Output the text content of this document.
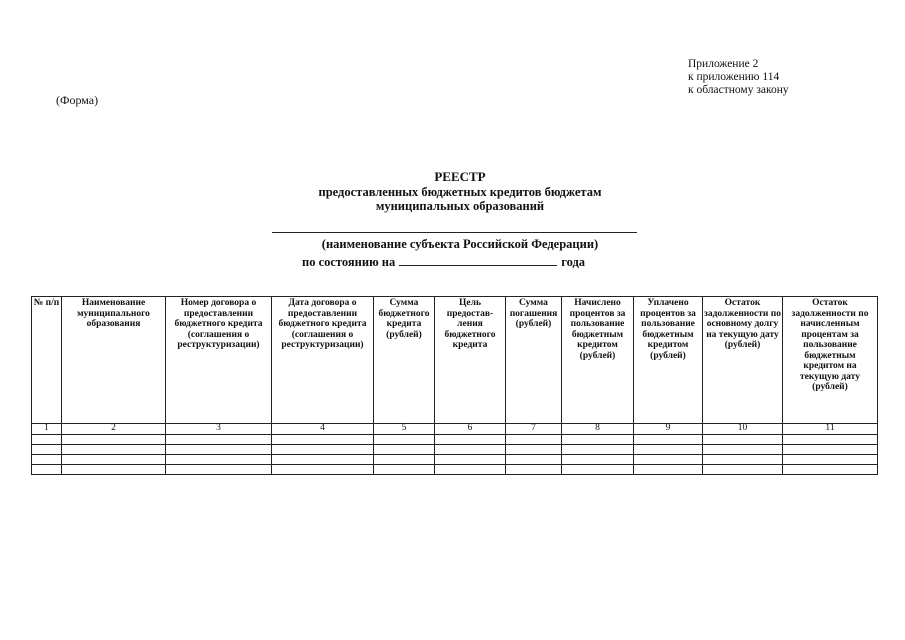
Приложение 2
к приложению 114
к областному закону
(Форма)
РЕЕСТР
предоставленных бюджетных кредитов бюджетам
муниципальных образований
(наименование субъекта Российской Федерации)
по состоянию на	года
№ п/п	Наименование муниципального образования	Номер договора о предоставлении бюджетного кредита (соглашения о реструктуризации)	Дата договора о предоставлении бюджетного кредита (соглашения о реструктуризации)	Сумма бюджетного кредита (рублей)	Цель предостав-ления бюджетного кредита	Сумма погашения (рублей)	Начислено процентов за пользование бюджетным кредитом (рублей)	Уплачено процентов за пользование бюджетным кредитом (рублей)	Остаток задолженности по основному долгу на текущую дату (рублей)	Остаток задолженности по начисленным процентам за пользование бюджетным кредитом на текущую дату (рублей)
1	2	3	4	5	6	7	8	9	10	11
